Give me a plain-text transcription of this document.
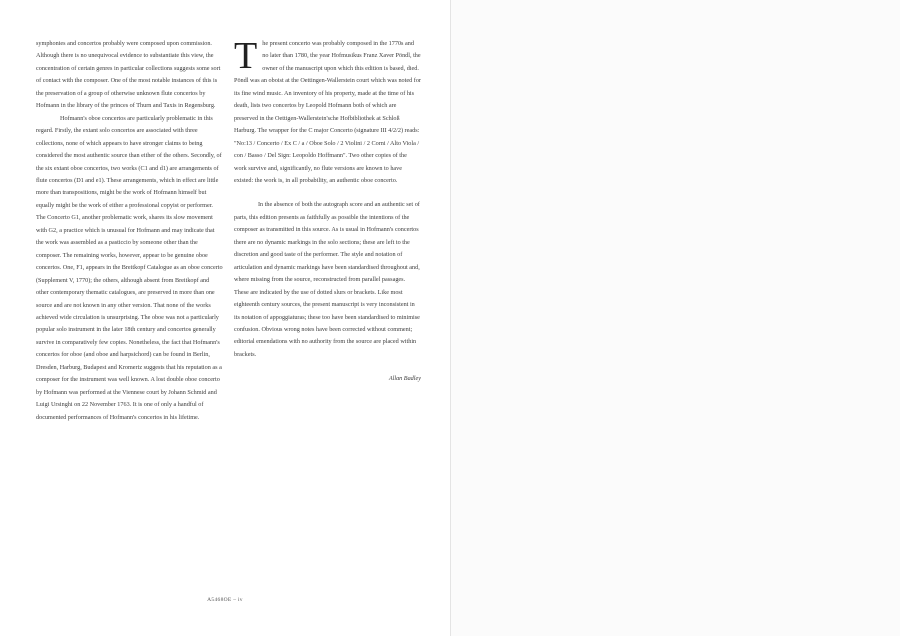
symphonies and concertos probably were composed upon commission. Although there is no unequivocal evidence to substantiate this view, the concentration of certain genres in particular collections suggests some sort of contact with the composer. One of the most notable instances of this is the preservation of a group of otherwise unknown flute concertos by Hofmann in the library of the princes of Thurn and Taxis in Regensburg.

Hofmann's oboe concertos are particularly problematic in this regard. Firstly, the extant solo concertos are associated with three collections, none of which appears to have stronger claims to being considered the most authentic source than either of the others. Secondly, of the six extant oboe concertos, two works (C1 and d1) are arrangements of flute concertos (D1 and e1). These arrangements, which in effect are little more than transpositions, might be the work of Hofmann himself but equally might be the work of either a professional copyist or performer. The Concerto G1, another problematic work, shares its slow movement with G2, a practice which is unusual for Hofmann and may indicate that the work was assembled as a pasticcio by someone other than the composer. The remaining works, however, appear to be genuine oboe concertos. One, F1, appears in the Breitkopf Catalogue as an oboe concerto (Supplement V, 1770); the others, although absent from Breitkopf and other contemporary thematic catalogues, are preserved in more than one source and are not known in any other version. That none of the works achieved wide circulation is unsurprising. The oboe was not a particularly popular solo instrument in the later 18th century and concertos generally survive in comparatively few copies. Nonetheless, the fact that Hofmann's concertos for oboe (and oboe and harpsichord) can be found in Berlin, Dresden, Harburg, Budapest and Kromeriz suggests that his reputation as a composer for the instrument was well known. A lost double oboe concerto by Hofmann was performed at the Viennese court by Johann Schmid and Luigi Ursinghi on 22 November 1763. It is one of only a handful of documented performances of Hofmann's concertos in his lifetime.

A5468OE – iv

The present concerto was probably composed in the 1770s and no later than 1780, the year Hofmusikus Franz Xaver Pöndl, the owner of the manuscript upon which this edition is based, died. Pöndl was an oboist at the Oettingen-Wallerstein court which was noted for its fine wind music. An inventory of his property, made at the time of his death, lists two concertos by Leopold Hofmann both of which are preserved in the Oettigen-Wallerstein'sche Hofbibliothek at Schloß Harburg. The wrapper for the C major Concerto (signature III 4/2/2) reads: "No:13 / Concerto / Ex C / a / Oboe Solo / 2 Violini / 2 Corni / Alto Viola / con / Basso / Del Sign: Leopoldo Hoffmann". Two other copies of the work survive and, significantly, no flute versions are known to have existed: the work is, in all probability, an authentic oboe concerto.

In the absence of both the autograph score and an authentic set of parts, this edition presents as faithfully as possible the intentions of the composer as transmitted in this source. As is usual in Hofmann's concertos there are no dynamic markings in the solo sections; these are left to the discretion and good taste of the performer. The style and notation of articulation and dynamic markings have been standardised throughout and, where missing from the source, reconstructed from parallel passages. These are indicated by the use of dotted slurs or brackets. Like most eighteenth century sources, the present manuscript is very inconsistent in its notation of appoggiaturas; these too have been standardised to minimise confusion. Obvious wrong notes have been corrected without comment; editorial emendations with no authority from the source are placed within brackets.

Allan Badley
